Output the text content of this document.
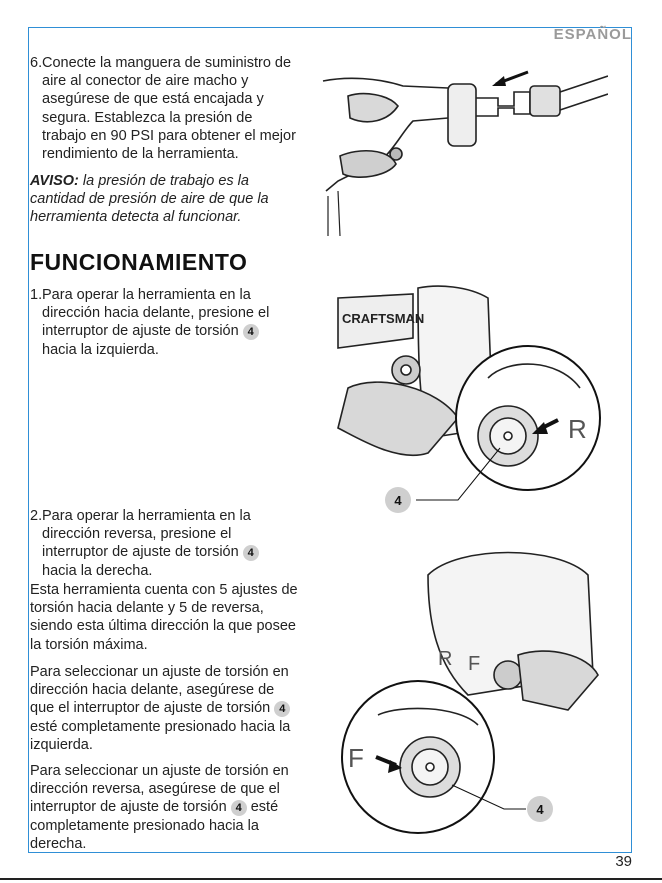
ESPAÑOL
6. Conecte la manguera de suministro de aire al conector de aire macho y asegúrese de que está encajada y segura. Establezca la presión de trabajo en 90 PSI para obtener el mejor rendimiento de la herramienta.
AVISO: la presión de trabajo es la cantidad de presión de aire de que la herramienta detecta al funcionar.
FUNCIONAMIENTO
1. Para operar la herramienta en la dirección hacia delante, presione el interruptor de ajuste de torsión 4
hacia la izquierda.
2. Para operar la herramienta en la dirección reversa, presione el interruptor de ajuste de torsión 4
hacia la derecha.
Esta herramienta cuenta con 5 ajustes de torsión hacia delante y 5 de reversa, siendo esta última dirección la que posee la torsión máxima.
Para seleccionar un ajuste de torsión en dirección hacia delante, asegúrese de que el interruptor de ajuste de torsión 4 esté completamente presionado hacia la izquierda.
Para seleccionar un ajuste de torsión en dirección reversa, asegúrese de que el interruptor de ajuste de torsión 4 esté completamente presionado hacia la derecha.
CRAFTSMAN
R
4
R F
F
4
39
